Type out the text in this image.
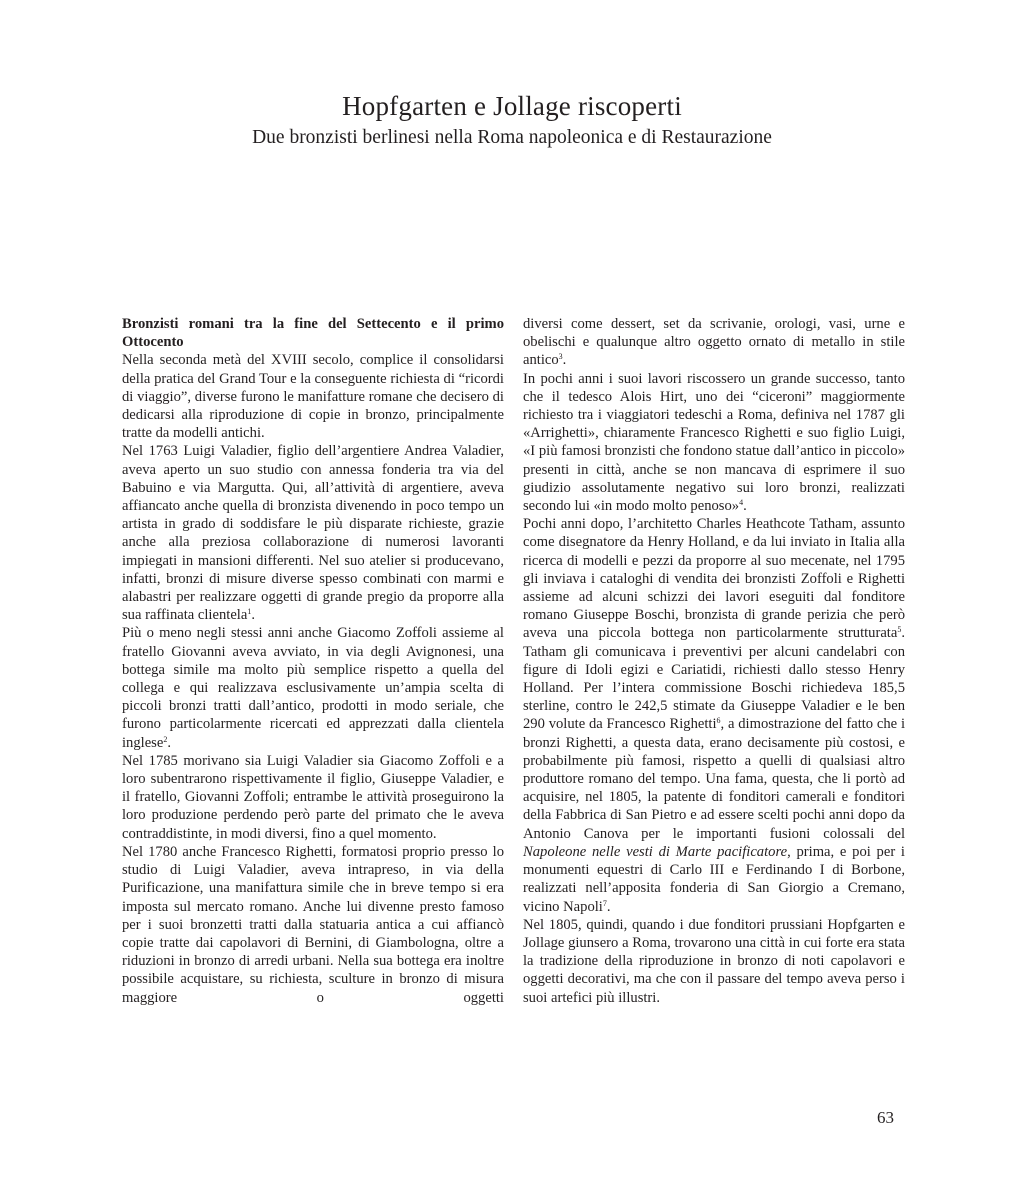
Hopfgarten e Jollage riscoperti
Due bronzisti berlinesi nella Roma napoleonica e di Restaurazione

Bronzisti romani tra la fine del Settecento e il primo Ottocento

Nella seconda metà del XVIII secolo, complice il consolidarsi della pratica del Grand Tour e la conseguente richiesta di “ricordi di viaggio”, diverse furono le manifatture romane che decisero di dedicarsi alla riproduzione di copie in bronzo, principalmente tratte da modelli antichi.

Nel 1763 Luigi Valadier, figlio dell’argentiere Andrea Valadier, aveva aperto un suo studio con annessa fonderia tra via del Babuino e via Margutta. Qui, all’attività di argentiere, aveva affiancato anche quella di bronzista divenendo in poco tempo un artista in grado di soddisfare le più disparate richieste, grazie anche alla preziosa collaborazione di numerosi lavoranti impiegati in mansioni differenti. Nel suo atelier si producevano, infatti, bronzi di misure diverse spesso combinati con marmi e alabastri per realizzare oggetti di grande pregio da proporre alla sua raffinata clientela$^1$.

Più o meno negli stessi anni anche Giacomo Zoffoli assieme al fratello Giovanni aveva avviato, in via degli Avignonesi, una bottega simile ma molto più semplice rispetto a quella del collega e qui realizzava esclusivamente un’ampia scelta di piccoli bronzi tratti dall’antico, prodotti in modo seriale, che furono particolarmente ricercati ed apprezzati dalla clientela inglese$^2$.

Nel 1785 morivano sia Luigi Valadier sia Giacomo Zoffoli e a loro subentrarono rispettivamente il figlio, Giuseppe Valadier, e il fratello, Giovanni Zoffoli; entrambe le attività proseguirono la loro produzione perdendo però parte del primato che le aveva contraddistinte, in modi diversi, fino a quel momento.

Nel 1780 anche Francesco Righetti, formatosi proprio presso lo studio di Luigi Valadier, aveva intrapreso, in via della Purificazione, una manifattura simile che in breve tempo si era imposta sul mercato romano. Anche lui divenne presto famoso per i suoi bronzetti tratti dalla statuaria antica a cui affiancò copie tratte dai capolavori di Bernini, di Giambologna, oltre a riduzioni in bronzo di arredi urbani. Nella sua bottega era inoltre possibile acquistare, su richiesta, sculture in bronzo di misura maggiore o oggetti

diversi come dessert, set da scrivanie, orologi, vasi, urne e obelischi e qualunque altro oggetto ornato di metallo in stile antico$^3$.

In pochi anni i suoi lavori riscossero un grande successo, tanto che il tedesco Alois Hirt, uno dei “ciceroni” maggiormente richiesto tra i viaggiatori tedeschi a Roma, definiva nel 1787 gli «Arrighetti», chiaramente Francesco Righetti e suo figlio Luigi, «I più famosi bronzisti che fondono statue dall’antico in piccolo» presenti in città, anche se non mancava di esprimere il suo giudizio assolutamente negativo sui loro bronzi, realizzati secondo lui «in modo molto penoso»$^4$.

Pochi anni dopo, l’architetto Charles Heathcote Tatham, assunto come disegnatore da Henry Holland, e da lui inviato in Italia alla ricerca di modelli e pezzi da proporre al suo mecenate, nel 1795 gli inviava i cataloghi di vendita dei bronzisti Zoffoli e Righetti assieme ad alcuni schizzi dei lavori eseguiti dal fonditore romano Giuseppe Boschi, bronzista di grande perizia che però aveva una piccola bottega non particolarmente strutturata$^5$. Tatham gli comunicava i preventivi per alcuni candelabri con figure di Idoli egizi e Cariatidi, richiesti dallo stesso Henry Holland. Per l’intera commissione Boschi richiedeva 185,5 sterline, contro le 242,5 stimate da Giuseppe Valadier e le ben 290 volute da Francesco Righetti$^6$, a dimostrazione del fatto che i bronzi Righetti, a questa data, erano decisamente più costosi, e probabilmente più famosi, rispetto a quelli di qualsiasi altro produttore romano del tempo. Una fama, questa, che li portò ad acquisire, nel 1805, la patente di fonditori camerali e fonditori della Fabbrica di San Pietro e ad essere scelti pochi anni dopo da Antonio Canova per le importanti fusioni colossali del Napoleone nelle vesti di Marte pacificatore, prima, e poi per i monumenti equestri di Carlo III e Ferdinando I di Borbone, realizzati nell’apposita fonderia di San Giorgio a Cremano, vicino Napoli$^7$.

Nel 1805, quindi, quando i due fonditori prussiani Hopfgarten e Jollage giunsero a Roma, trovarono una città in cui forte era stata la tradizione della riproduzione in bronzo di noti capolavori e oggetti decorativi, ma che con il passare del tempo aveva perso i suoi artefici più illustri.

63
